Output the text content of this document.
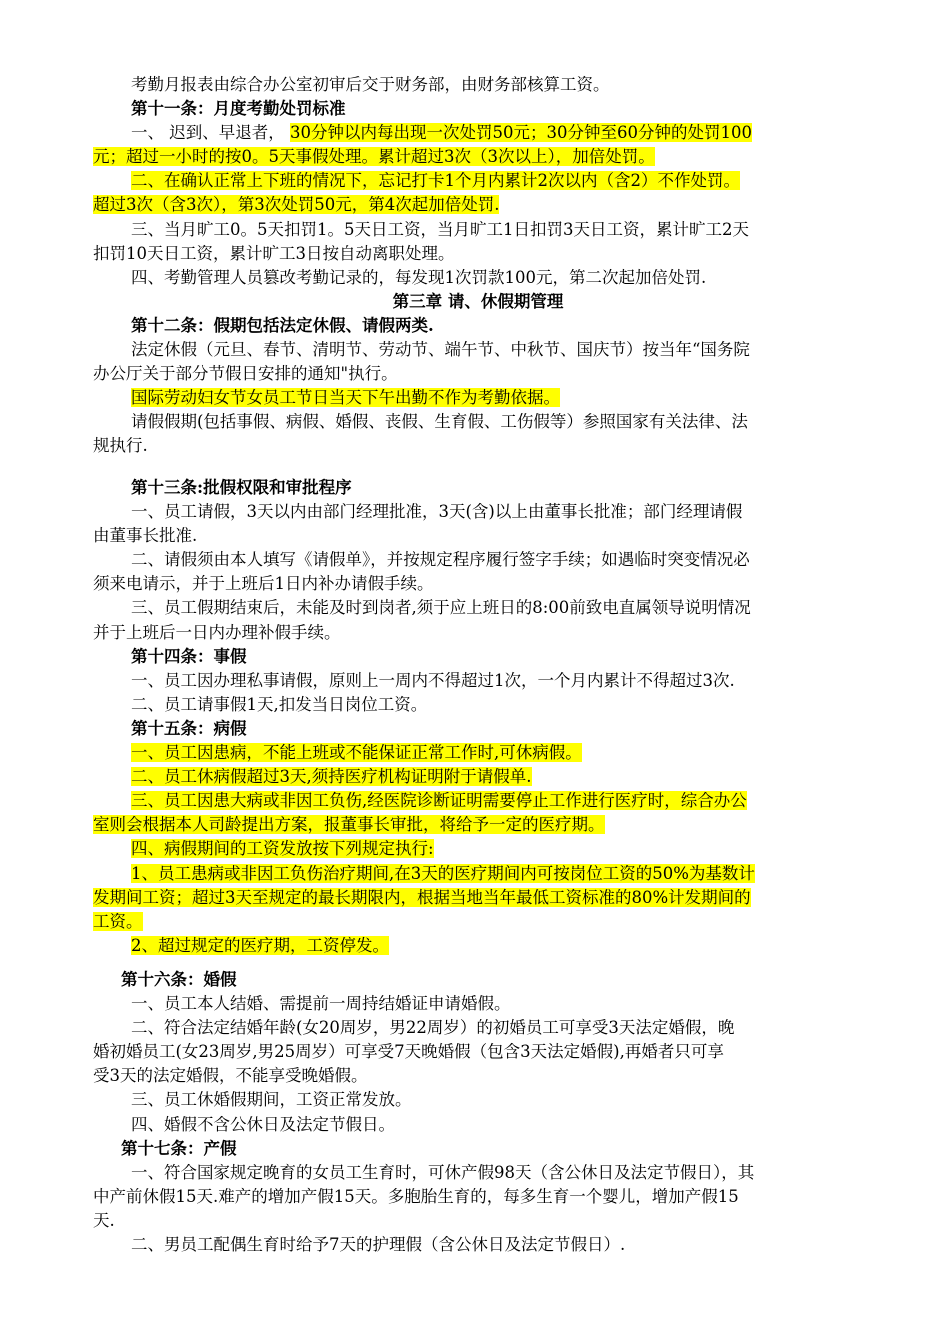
考勤月报表由综合办公室初审后交于财务部，由财务部核算工资。
第十一条：月度考勤处罚标准
一、 迟到、早退者， 30分钟以内每出现一次处罚50元；30分钟至60分钟的处罚100
元；超过一小时的按0。5天事假处理。累计超过3次（3次以上），加倍处罚。
二、在确认正常上下班的情况下，忘记打卡1个月内累计2次以内（含2）不作处罚。
超过3次（含3次），第3次处罚50元，第4次起加倍处罚.
三、当月旷工0。5天扣罚1。5天日工资，当月旷工1日扣罚3天日工资，累计旷工2天
扣罚10天日工资，累计旷工3日按自动离职处理。
四、考勤管理人员篡改考勤记录的，每发现1次罚款100元，第二次起加倍处罚.
第三章 请、休假期管理
第十二条：假期包括法定休假、请假两类.
法定休假（元旦、春节、清明节、劳动节、端午节、中秋节、国庆节）按当年“国务院
办公厅关于部分节假日安排的通知"执行。
国际劳动妇女节女员工节日当天下午出勤不作为考勤依据。
请假假期(包括事假、病假、婚假、丧假、生育假、工伤假等）参照国家有关法律、法
规执行.
第十三条:批假权限和审批程序
一、员工请假，3天以内由部门经理批准，3天(含)以上由董事长批准；部门经理请假
由董事长批准.
二、请假须由本人填写《请假单》，并按规定程序履行签字手续；如遇临时突变情况必
须来电请示，并于上班后1日内补办请假手续。
三、员工假期结束后，未能及时到岗者,须于应上班日的8:00前致电直属领导说明情况
并于上班后一日内办理补假手续。
第十四条：事假
一、员工因办理私事请假，原则上一周内不得超过1次，一个月内累计不得超过3次.
二、员工请事假1天,扣发当日岗位工资。
第十五条：病假
一、员工因患病，不能上班或不能保证正常工作时,可休病假。
二、员工休病假超过3天,须持医疗机构证明附于请假单.
三、员工因患大病或非因工负伤,经医院诊断证明需要停止工作进行医疗时，综合办公
室则会根据本人司龄提出方案，报董事长审批，将给予一定的医疗期。
四、病假期间的工资发放按下列规定执行:
1、员工患病或非因工负伤治疗期间,在3天的医疗期间内可按岗位工资的50%为基数计
发期间工资；超过3天至规定的最长期限内，根据当地当年最低工资标准的80%计发期间的
工资。
2、超过规定的医疗期，工资停发。
第十六条：婚假
一、员工本人结婚、需提前一周持结婚证申请婚假。
二、符合法定结婚年龄(女20周岁，男22周岁）的初婚员工可享受3天法定婚假，晚
婚初婚员工(女23周岁,男25周岁）可享受7天晚婚假（包含3天法定婚假),再婚者只可享
受3天的法定婚假，不能享受晚婚假。
三、员工休婚假期间，工资正常发放。
四、婚假不含公休日及法定节假日。
第十七条：产假
一、符合国家规定晚育的女员工生育时，可休产假98天（含公休日及法定节假日），其
中产前休假15天.难产的增加产假15天。多胞胎生育的，每多生育一个婴儿，增加产假15
天.
二、男员工配偶生育时给予7天的护理假（含公休日及法定节假日）.
